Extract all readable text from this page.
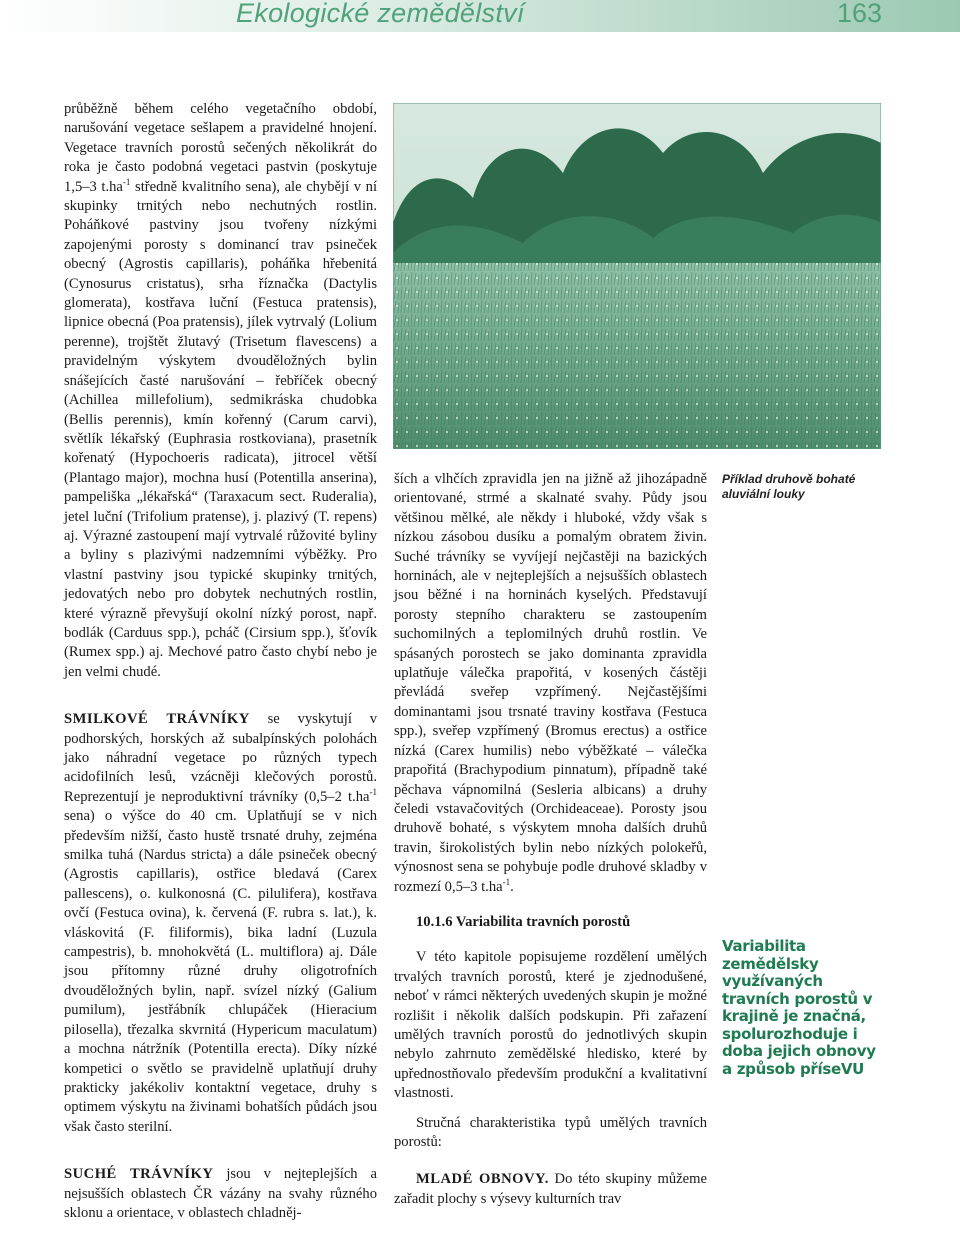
Ekologické zemědělství	163

průběžně během celého vegetačního období, narušování vegetace sešlapem a pravidelné hnojení. Vegetace travních porostů sečených několikrát do roka je často podobná vegetaci pastvin (poskytuje 1,5–3 $t.ha^{-1}$ středně kvalitního sena), ale chybějí v ní skupinky trnitých nebo nechutných rostlin. Poháňkové pastviny jsou tvořeny nízkými zapojenými porosty s dominancí trav psineček obecný (Agrostis capillaris), poháňka hřebenitá (Cynosurus cristatus), srha říznačka (Dactylis glomerata), kostřava luční (Festuca pratensis), lipnice obecná (Poa pratensis), jílek vytrvalý (Lolium perenne), trojštět žlutavý (Trisetum flavescens) a pravidelným výskytem dvouděložných bylin snášejících časté narušování – řebříček obecný (Achillea millefolium), sedmikráska chudobka (Bellis perennis), kmín kořenný (Carum carvi), světlík lékařský (Euphrasia rostkoviana), prasetník kořenatý (Hypochoeris radicata), jitrocel větší (Plantago major), mochna husí (Potentilla anserina), pampeliška „lékařská“ (Taraxacum sect. Ruderalia), jetel luční (Trifolium pratense), j. plazivý (T. repens) aj. Výrazné zastoupení mají vytrvalé růžovité byliny a byliny s plazivými nadzemními výběžky. Pro vlastní pastviny jsou typické skupinky trnitých, jedovatých nebo pro dobytek nechutných rostlin, které výrazně převyšují okolní nízký porost, např. bodlák (Carduus spp.), pcháč (Cirsium spp.), šťovík (Rumex spp.) aj. Mechové patro často chybí nebo je jen velmi chudé.

SMILKOVÉ TRÁVNÍKY se vyskytují v podhorských, horských až subalpínských polohách jako náhradní vegetace po různých typech acidofilních lesů, vzácněji klečových porostů. Reprezentují je neproduktivní trávníky (0,5–2 $t.ha^{-1}$ sena) o výšce do 40 cm. Uplatňují se v nich především nižší, často hustě trsnaté druhy, zejména smilka tuhá (Nardus stricta) a dále psineček obecný (Agrostis capillaris), ostřice bledavá (Carex pallescens), o. kulkonosná (C. pilulifera), kostřava ovčí (Festuca ovina), k. červená (F. rubra s. lat.), k. vláskovitá (F. filiformis), bika ladní (Luzula campestris), b. mnohokvětá (L. multiflora) aj. Dále jsou přítomny různé druhy oligotrofních dvouděložných bylin, např. svízel nízký (Galium pumilum), jestřábník chlupáček (Hieracium pilosella), třezalka skvrnitá (Hypericum maculatum) a mochna nátržník (Potentilla erecta). Díky nízké kompetici o světlo se pravidelně uplatňují druhy prakticky jakékoliv kontaktní vegetace, druhy s optimem výskytu na živinami bohatších půdách jsou však často sterilní.

SUCHÉ TRÁVNÍKY jsou v nejteplejších a nejsušších oblastech ČR vázány na svahy různého sklonu a orientace, v oblastech chladněj-

Příklad druhově bohaté aluviální louky

ších a vlhčích zpravidla jen na jižně až jihozápadně orientované, strmé a skalnaté svahy. Půdy jsou většinou mělké, ale někdy i hluboké, vždy však s nízkou zásobou dusíku a pomalým obratem živin. Suché trávníky se vyvíjejí nejčastěji na bazických horninách, ale v nejteplejších a nejsušších oblastech jsou běžné i na horninách kyselých. Představují porosty stepního charakteru se zastoupením suchomilných a teplomilných druhů rostlin. Ve spásaných porostech se jako dominanta zpravidla uplatňuje válečka prapořitá, v kosených částěji převládá sveřep vzpřímený. Nejčastějšími dominantami jsou trsnaté traviny kostřava (Festuca spp.), sveřep vzpřímený (Bromus erectus) a ostřice nízká (Carex humilis) nebo výběžkaté – válečka prapořitá (Brachypodium pinnatum), případně také pěchava vápnomilná (Sesleria albicans) a druhy čeledi vstavačovitých (Orchideaceae). Porosty jsou druhově bohaté, s výskytem mnoha dalších druhů travin, širokolistých bylin nebo nízkých polokeřů, výnosnost sena se pohybuje podle druhové skladby v rozmezí 0,5–3 $t.ha^{-1}$.

10.1.6 Variabilita travních porostů

V této kapitole popisujeme rozdělení umělých trvalých travních porostů, které je zjednodušené, neboť v rámci některých uvedených skupin je možné rozlišit i několik dalších podskupin. Při zařazení umělých travních porostů do jednotlivých skupin nebylo zahrnuto zemědělské hledisko, které by upřednostňovalo především produkční a kvalitativní vlastnosti.

Stručná charakteristika typů umělých travních porostů:

MLADÉ OBNOVY. Do této skupiny můžeme zařadit plochy s výsevy kulturních trav

Variabilita zemědělsky využívaných travních porostů v krajině je značná, spolurozhoduje i doba jejich obnovy a způsob příseVU
